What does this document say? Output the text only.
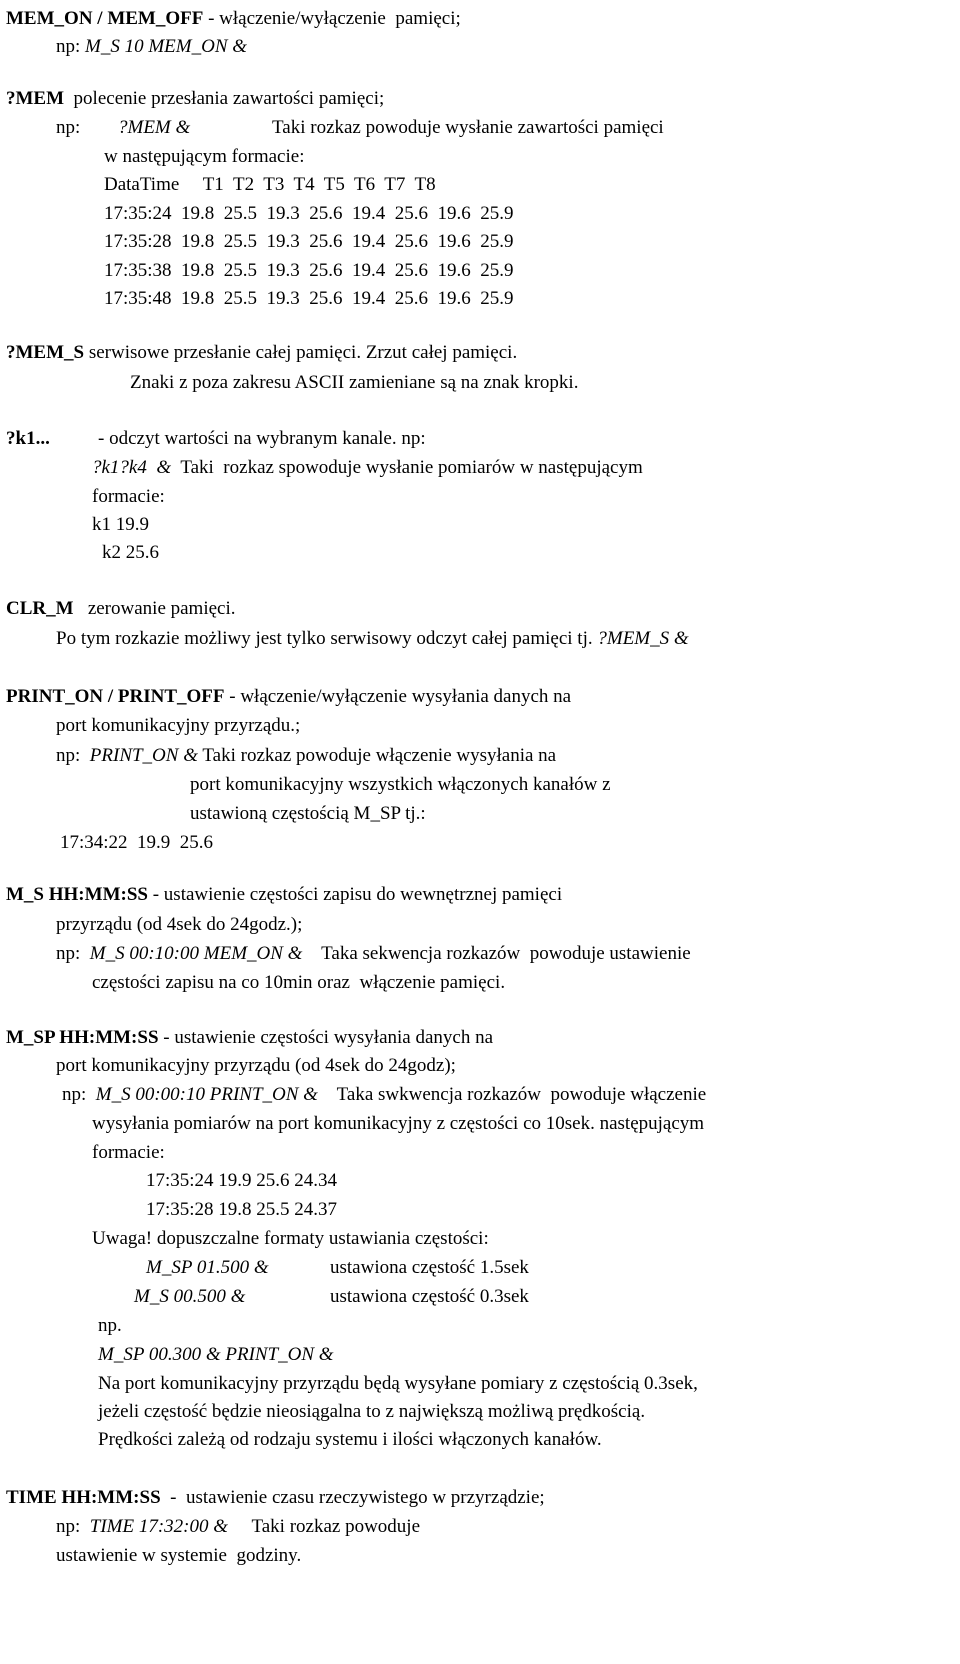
MEM_ON / MEM_OFF - włączenie/wyłączenie  pamięci;
np: M_S 10 MEM_ON &
?MEM  polecenie przesłania zawartości pamięci;
np: ?MEM &	Taki rozkaz powoduje wysłanie zawartości pamięci
w następującym formacie:
DataTime     T1  T2  T3  T4  T5  T6  T7  T8
17:35:24  19.8  25.5  19.3  25.6  19.4  25.6  19.6  25.9
17:35:28  19.8  25.5  19.3  25.6  19.4  25.6  19.6  25.9
17:35:38  19.8  25.5  19.3  25.6  19.4  25.6  19.6  25.9
17:35:48  19.8  25.5  19.3  25.6  19.4  25.6  19.6  25.9
?MEM_S serwisowe przesłanie całej pamięci. Zrzut całej pamięci.
Znaki z poza zakresu ASCII zamieniane są na znak kropki.
?k1...	- odczyt wartości na wybranym kanale. np:
?k1?k4  &  Taki  rozkaz spowoduje wysłanie pomiarów w następującym
formacie:
k1 19.9
k2 25.6
CLR_M   zerowanie pamięci.
Po tym rozkazie możliwy jest tylko serwisowy odczyt całej pamięci tj. ?MEM_S &
PRINT_ON / PRINT_OFF - włączenie/wyłączenie wysyłania danych na
port komunikacyjny przyrządu.;
np:  PRINT_ON & Taki rozkaz powoduje włączenie wysyłania na
port komunikacyjny wszystkich włączonych kanałów z
ustawioną częstością M_SP tj.:
17:34:22  19.9  25.6
M_S HH:MM:SS - ustawienie częstości zapisu do wewnętrznej pamięci
przyrządu (od 4sek do 24godz.);
np:  M_S 00:10:00 MEM_ON &    Taka sekwencja rozkazów  powoduje ustawienie
częstości zapisu na co 10min oraz  włączenie pamięci.
M_SP HH:MM:SS - ustawienie częstości wysyłania danych na
port komunikacyjny przyrządu (od 4sek do 24godz);
np:  M_S 00:00:10 PRINT_ON &    Taka swkwencja rozkazów  powoduje włączenie
wysyłania pomiarów na port komunikacyjny z częstości co 10sek. następującym
formacie:
17:35:24 19.9 25.6 24.34
17:35:28 19.8 25.5 24.37
Uwaga! dopuszczalne formaty ustawiania częstości:
M_SP 01.500 &	ustawiona częstość 1.5sek
M_S 00.500 &	ustawiona częstość 0.3sek
np.
M_SP 00.300 & PRINT_ON &
Na port komunikacyjny przyrządu będą wysyłane pomiary z częstością 0.3sek,
jeżeli częstość będzie nieosiągalna to z największą możliwą prędkością.
Prędkości zależą od rodzaju systemu i ilości włączonych kanałów.
TIME HH:MM:SS  -  ustawienie czasu rzeczywistego w przyrządzie;
np:  TIME 17:32:00 &     Taki rozkaz powoduje
ustawienie w systemie  godziny.
